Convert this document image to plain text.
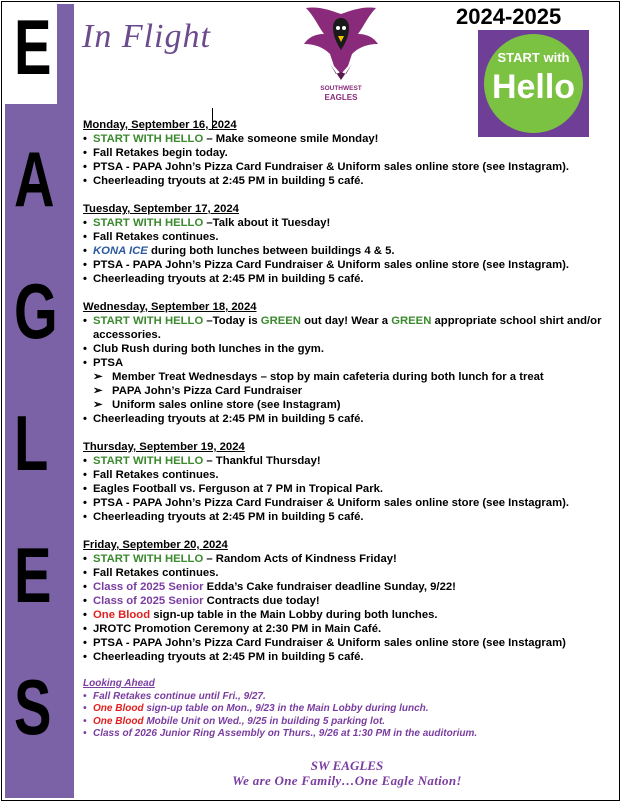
E
A
G
L
E
S
In Flight
SOUTHWEST
EAGLES
2024-2025
START with
Hello
Monday, September 16, 2024
• START WITH HELLO – Make someone smile Monday!
• Fall Retakes begin today.
• PTSA - PAPA John’s Pizza Card Fundraiser & Uniform sales online store (see Instagram).
• Cheerleading tryouts at 2:45 PM in building 5 café.
Tuesday, September 17, 2024
• START WITH HELLO –Talk about it Tuesday!
• Fall Retakes continues.
• KONA ICE during both lunches between buildings 4 & 5.
• PTSA - PAPA John’s Pizza Card Fundraiser & Uniform sales online store (see Instagram).
• Cheerleading tryouts at 2:45 PM in building 5 café.
Wednesday, September 18, 2024
• START WITH HELLO –Today is GREEN out day! Wear a GREEN appropriate school shirt and/or accessories.
• Club Rush during both lunches in the gym.
• PTSA
➢ Member Treat Wednesdays – stop by main cafeteria during both lunch for a treat
➢ PAPA John’s Pizza Card Fundraiser
➢ Uniform sales online store (see Instagram)
• Cheerleading tryouts at 2:45 PM in building 5 café.
Thursday, September 19, 2024
• START WITH HELLO – Thankful Thursday!
• Fall Retakes continues.
• Eagles Football vs. Ferguson at 7 PM in Tropical Park.
• PTSA - PAPA John’s Pizza Card Fundraiser & Uniform sales online store (see Instagram).
• Cheerleading tryouts at 2:45 PM in building 5 café.
Friday, September 20, 2024
• START WITH HELLO – Random Acts of Kindness Friday!
• Fall Retakes continues.
• Class of 2025 Senior Edda’s Cake fundraiser deadline Sunday, 9/22!
• Class of 2025 Senior Contracts due today!
• One Blood sign-up table in the Main Lobby during both lunches.
• JROTC Promotion Ceremony at 2:30 PM in Main Café.
• PTSA - PAPA John’s Pizza Card Fundraiser & Uniform sales online store (see Instagram)
• Cheerleading tryouts at 2:45 PM in building 5 café.
Looking Ahead
• Fall Retakes continue until Fri., 9/27.
• One Blood sign-up table on Mon., 9/23 in the Main Lobby during lunch.
• One Blood Mobile Unit on Wed., 9/25 in building 5 parking lot.
• Class of 2026 Junior Ring Assembly on Thurs., 9/26 at 1:30 PM in the auditorium.
SW EAGLES
We are One Family…One Eagle Nation!
